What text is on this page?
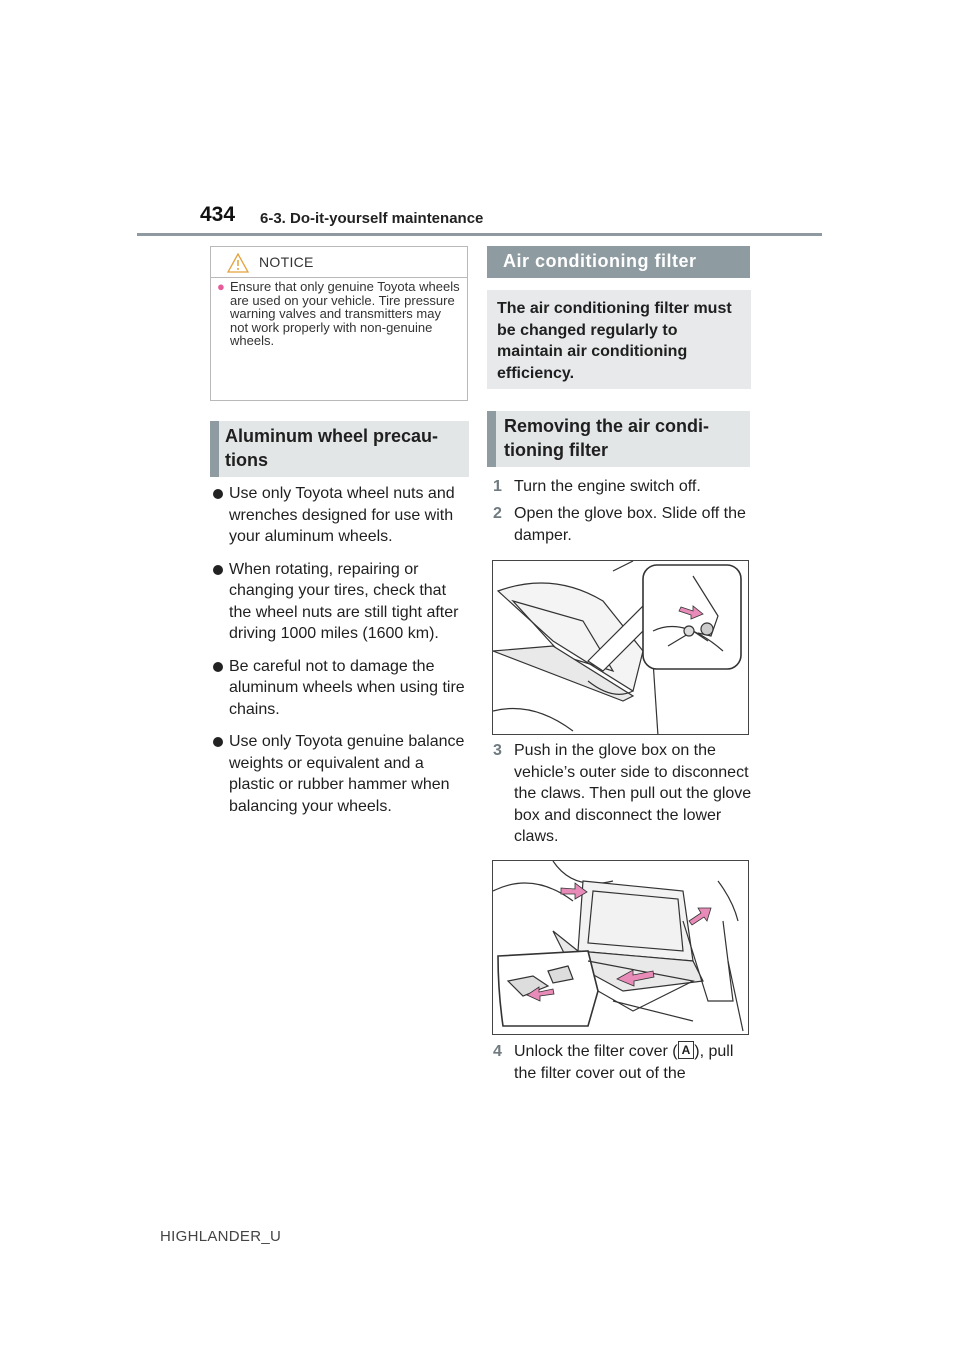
434 6-3. Do-it-yourself maintenance
NOTICE
● Ensure that only genuine Toyota wheels are used on your vehicle. Tire pressure warning valves and transmitters may not work properly with non-genuine wheels.
Aluminum wheel precau-
tions
Use only Toyota wheel nuts and wrenches designed for use with your aluminum wheels.
When rotating, repairing or changing your tires, check that the wheel nuts are still tight after driving 1000 miles (1600 km).
Be careful not to damage the aluminum wheels when using tire chains.
Use only Toyota genuine balance weights or equivalent and a plastic or rubber hammer when balancing your wheels.
Air conditioning filter
The air conditioning filter must be changed regularly to maintain air conditioning efficiency.
Removing the air condi-
tioning filter
1 Turn the engine switch off.
2 Open the glove box. Slide off the damper.
3 Push in the glove box on the vehicle’s outer side to disconnect the claws. Then pull out the glove box and disconnect the lower claws.
4 Unlock the filter cover ( A ), pull the filter cover out of the
HIGHLANDER_U
